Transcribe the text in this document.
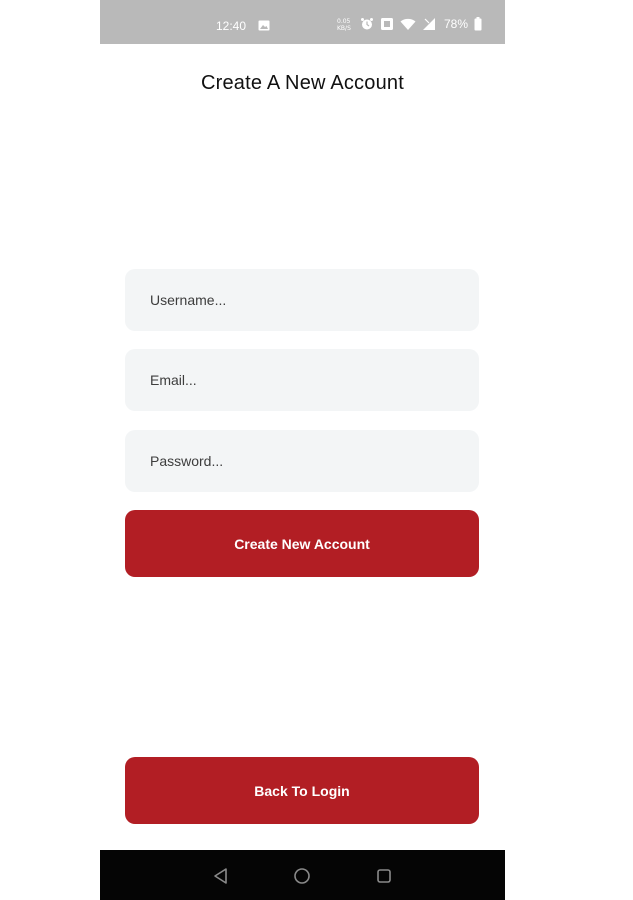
12:40	0.05
KB/S	78%
Create A New Account
Username...
Email...
Password...
Create New Account
Back To Login
